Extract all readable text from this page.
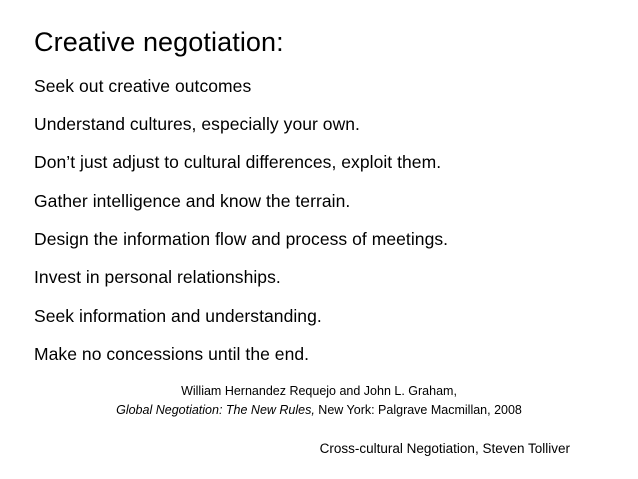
Creative negotiation:
Seek out creative outcomes
Understand cultures, especially your own.
Don’t just adjust to cultural differences, exploit them.
Gather intelligence and know the terrain.
Design the information flow and process of meetings.
Invest in personal relationships.
Seek information and understanding.
Make no concessions until the end.
William Hernandez Requejo and John L. Graham,
Global Negotiation: The New Rules, New York: Palgrave Macmillan, 2008
Cross-cultural Negotiation, Steven Tolliver
